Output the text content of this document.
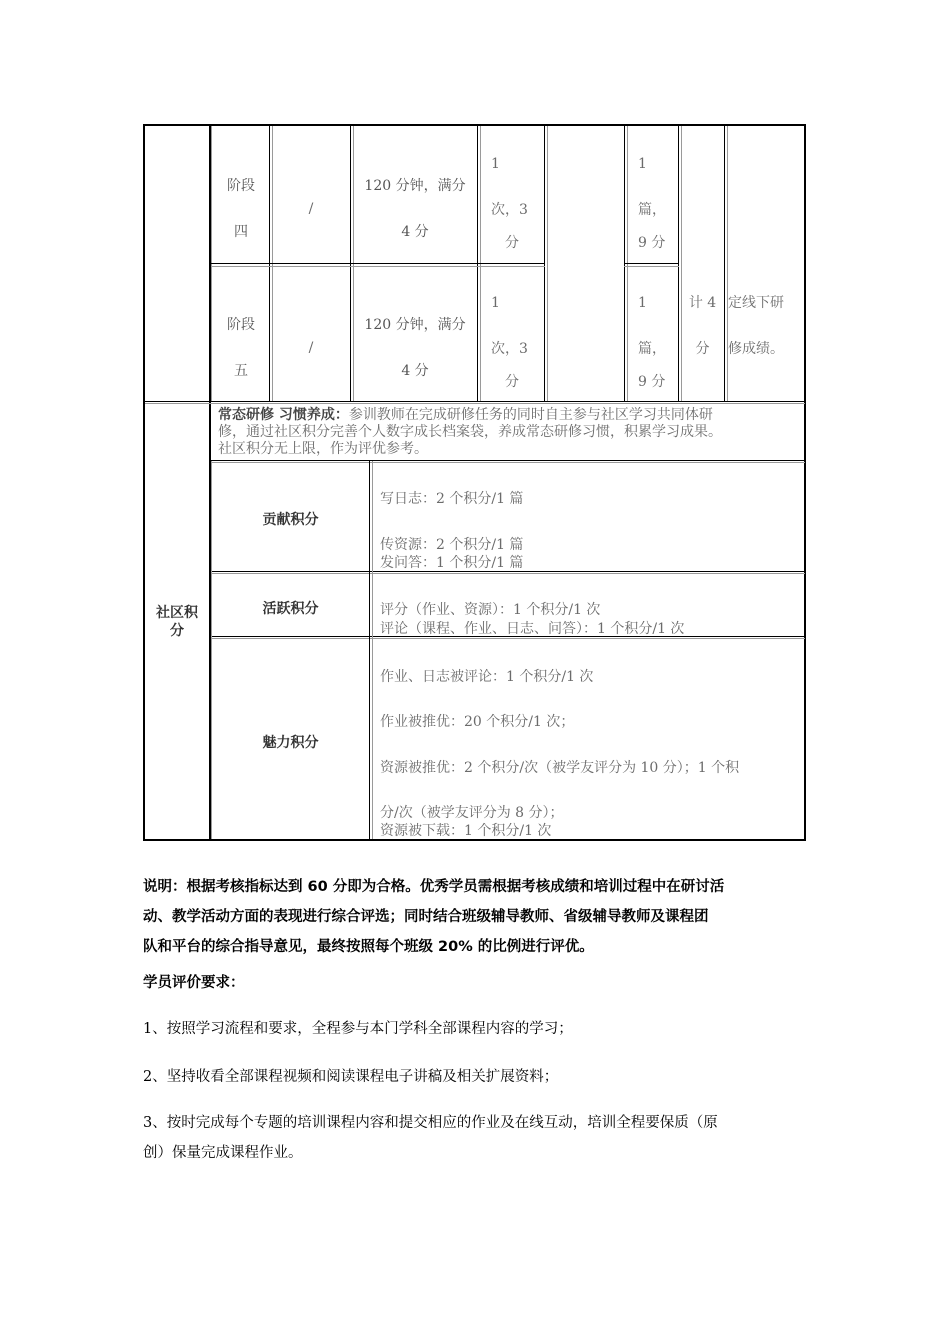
阶段
四
/
120 分钟，满分
4 分
1
次，3
分
1
篇，
9 分
阶段
五
/
120 分钟，满分
4 分
1
次，3
分
1
篇，
9 分
计 4
分
定线下研
修成绩。
社区积
分
常态研修 习惯养成：参训教师在完成研修任务的同时自主参与社区学习共同体研
修，通过社区积分完善个人数字成长档案袋，养成常态研修习惯，积累学习成果。
社区积分无上限，作为评优参考。
贡献积分
写日志：2 个积分/1 篇
传资源：2 个积分/1 篇
发问答：1 个积分/1 篇
活跃积分	评分（作业、资源）：1 个积分/1 次
评论（课程、作业、日志、问答）：1 个积分/1 次
魅力积分
作业、日志被评论：1 个积分/1 次
作业被推优：20 个积分/1 次；
资源被推优：2 个积分/次（被学友评分为 10 分）；1 个积
分/次（被学友评分为 8 分）；
资源被下载：1 个积分/1 次
说明：根据考核指标达到 60 分即为合格。优秀学员需根据考核成绩和培训过程中在研讨活
动、教学活动方面的表现进行综合评选；同时结合班级辅导教师、省级辅导教师及课程团
队和平台的综合指导意见，最终按照每个班级 20% 的比例进行评优。
学员评价要求：
1、按照学习流程和要求，全程参与本门学科全部课程内容的学习；
2、坚持收看全部课程视频和阅读课程电子讲稿及相关扩展资料；
3、按时完成每个专题的培训课程内容和提交相应的作业及在线互动，培训全程要保质（原
创）保量完成课程作业。
